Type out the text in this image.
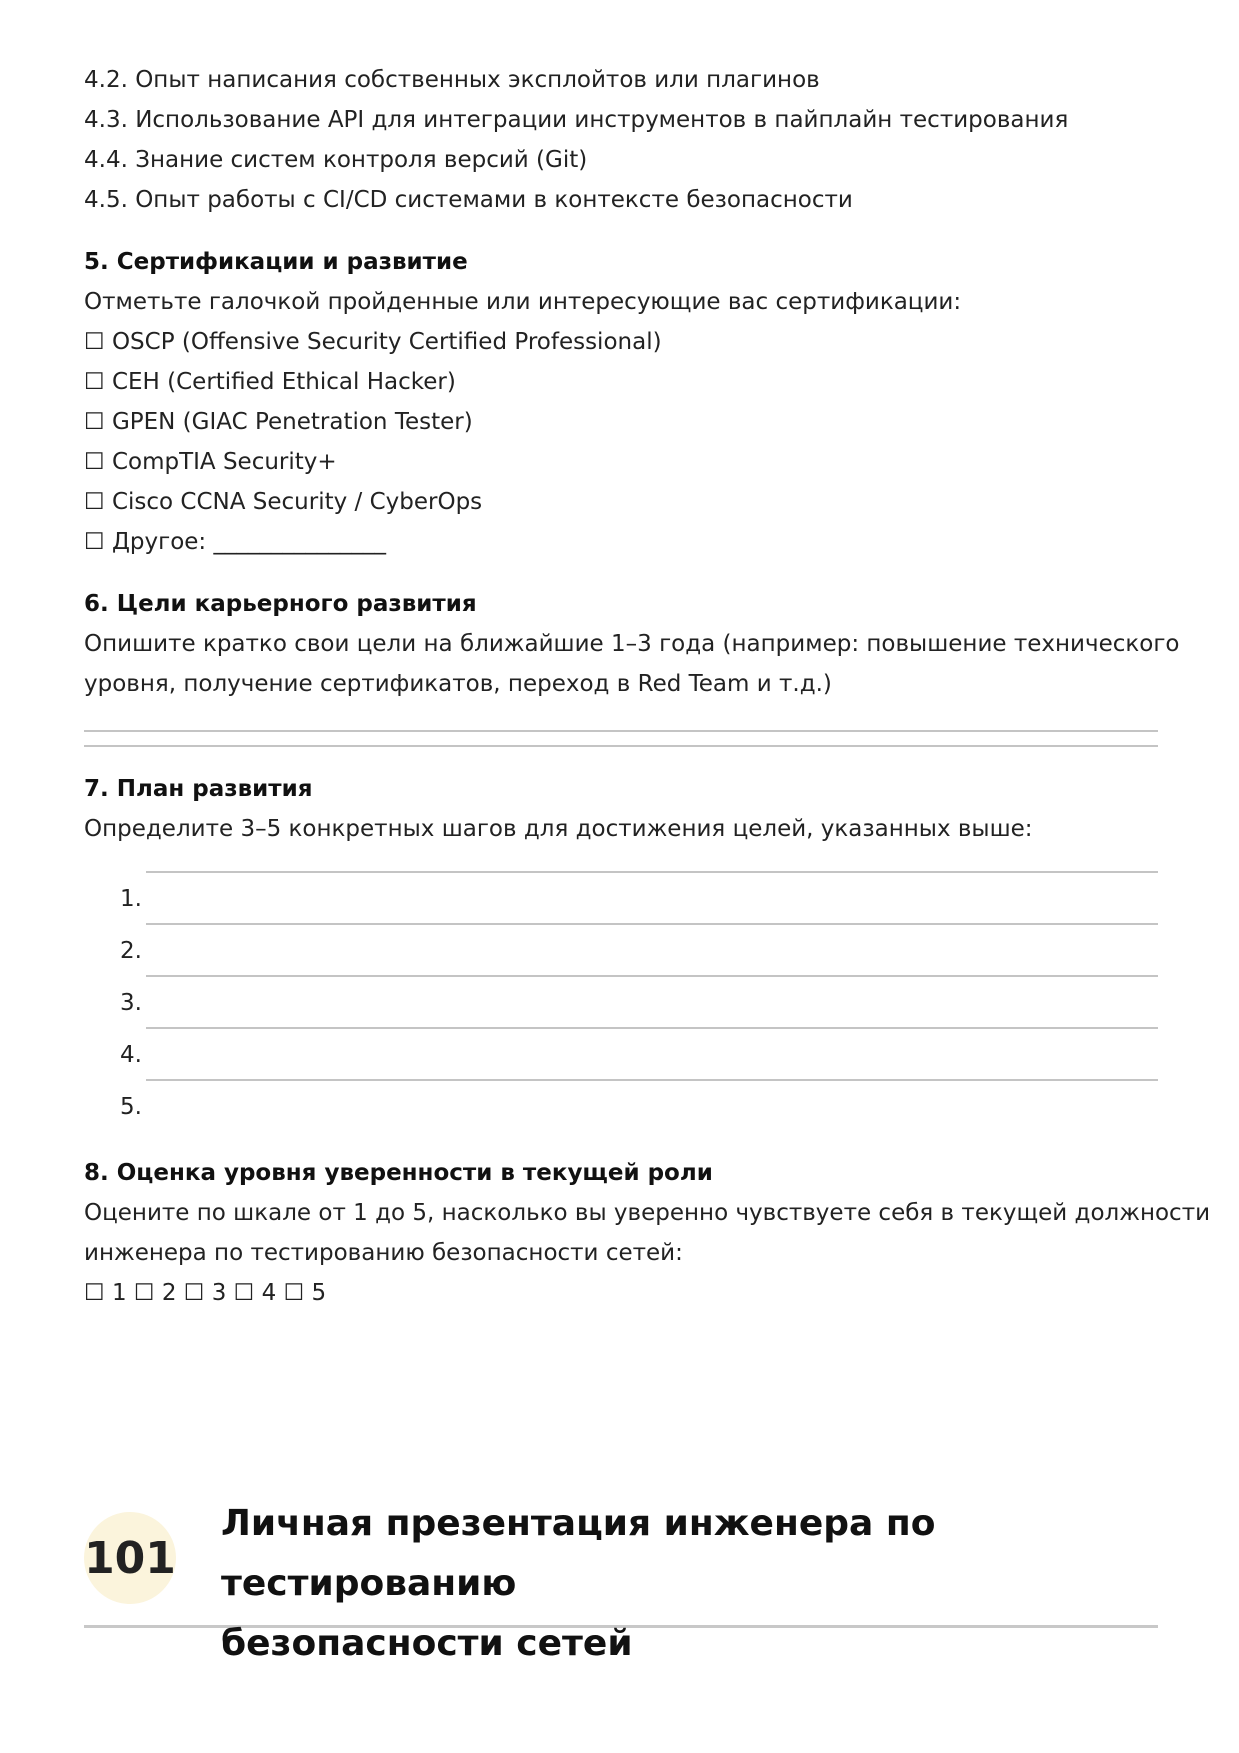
4.2. Опыт написания собственных эксплойтов или плагинов

4.3. Использование API для интеграции инструментов в пайплайн тестирования

4.4. Знание систем контроля версий (Git)

4.5. Опыт работы с CI/CD системами в контексте безопасности

5. Сертификации и развитие

Отметьте галочкой пройденные или интересующие вас сертификации:

☐ OSCP (Offensive Security Certified Professional)

☐ CEH (Certified Ethical Hacker)

☐ GPEN (GIAC Penetration Tester)

☐ CompTIA Security+

☐ Cisco CCNA Security / CyberOps

☐ Другое: _______________

6. Цели карьерного развития

Опишите кратко свои цели на ближайшие 1–3 года (например: повышение технического

уровня, получение сертификатов, переход в Red Team и т.д.)

7. План развития

Определите 3–5 конкретных шагов для достижения целей, указанных выше:

1.
2.
3.
4.
5.
8. Оценка уровня уверенности в текущей роли

Оцените по шкале от 1 до 5, насколько вы уверенно чувствуете себя в текущей должности

инженера по тестированию безопасности сетей:

☐ 1 ☐ 2 ☐ 3 ☐ 4 ☐ 5

101
Личная презентация инженера по тестированию
безопасности сетей
